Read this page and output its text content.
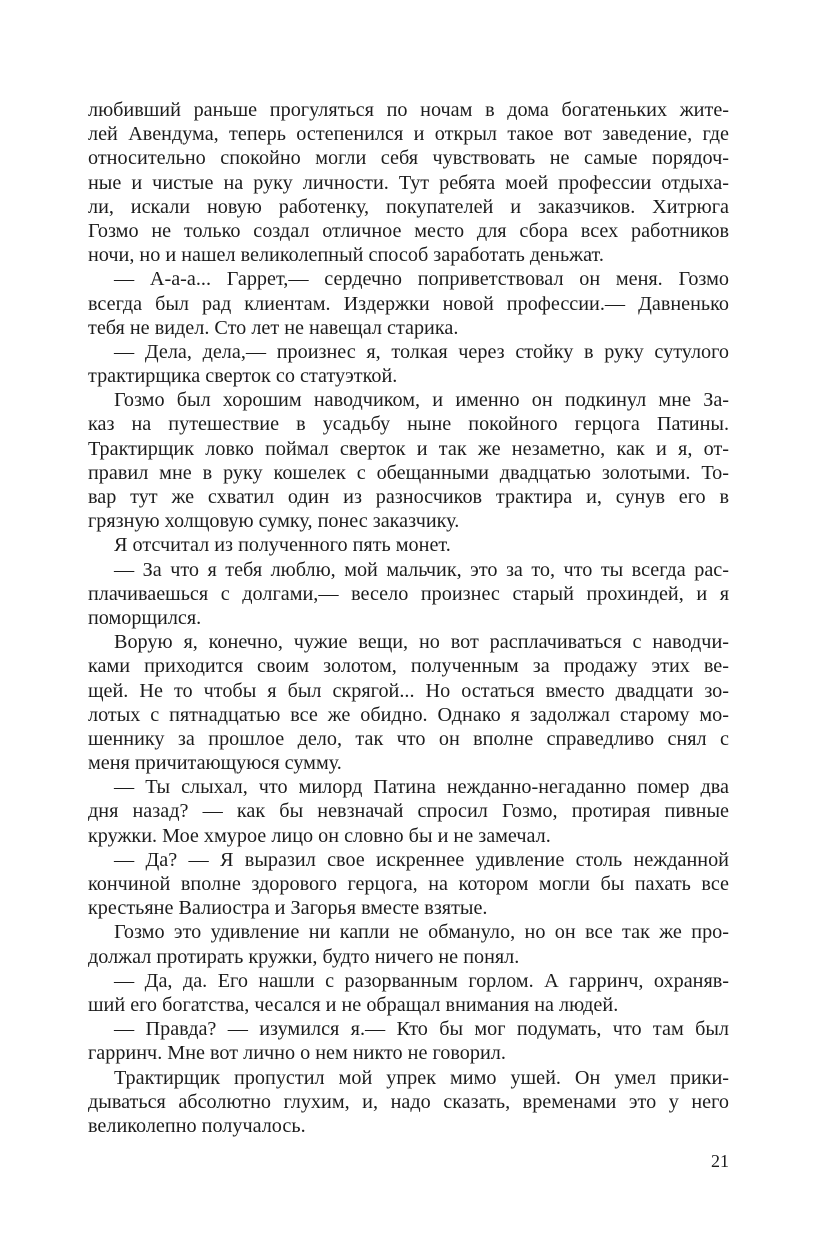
любивший раньше прогуляться по ночам в дома богатеньких жите-
лей Авендума, теперь остепенился и открыл такое вот заведение, где
относительно спокойно могли себя чувствовать не самые порядоч-
ные и чистые на руку личности. Тут ребята моей профессии отдыха-
ли, искали новую работенку, покупателей и заказчиков. Хитрюга
Гозмо не только создал отличное место для сбора всех работников
ночи, но и нашел великолепный способ заработать деньжат.
— А-а-а... Гаррет,— сердечно поприветствовал он меня. Гозмо
всегда был рад клиентам. Издержки новой профессии.— Давненько
тебя не видел. Сто лет не навещал старика.
— Дела, дела,— произнес я, толкая через стойку в руку сутулого
трактирщика сверток со статуэткой.
Гозмо был хорошим наводчиком, и именно он подкинул мне За-
каз на путешествие в усадьбу ныне покойного герцога Патины.
Трактирщик ловко поймал сверток и так же незаметно, как и я, от-
правил мне в руку кошелек с обещанными двадцатью золотыми. То-
вар тут же схватил один из разносчиков трактира и, сунув его в
грязную холщовую сумку, понес заказчику.
Я отсчитал из полученного пять монет.
— За что я тебя люблю, мой мальчик, это за то, что ты всегда рас-
плачиваешься с долгами,— весело произнес старый прохиндей, и я
поморщился.
Ворую я, конечно, чужие вещи, но вот расплачиваться с наводчи-
ками приходится своим золотом, полученным за продажу этих ве-
щей. Не то чтобы я был скрягой... Но остаться вместо двадцати зо-
лотых с пятнадцатью все же обидно. Однако я задолжал старому мо-
шеннику за прошлое дело, так что он вполне справедливо снял с
меня причитающуюся сумму.
— Ты слыхал, что милорд Патина нежданно-негаданно помер два
дня назад? — как бы невзначай спросил Гозмо, протирая пивные
кружки. Мое хмурое лицо он словно бы и не замечал.
— Да? — Я выразил свое искреннее удивление столь нежданной
кончиной вполне здорового герцога, на котором могли бы пахать все
крестьяне Валиостра и Загорья вместе взятые.
Гозмо это удивление ни капли не обмануло, но он все так же про-
должал протирать кружки, будто ничего не понял.
— Да, да. Его нашли с разорванным горлом. А гарринч, охраняв-
ший его богатства, чесался и не обращал внимания на людей.
— Правда? — изумился я.— Кто бы мог подумать, что там был
гарринч. Мне вот лично о нем никто не говорил.
Трактирщик пропустил мой упрек мимо ушей. Он умел прики-
дываться абсолютно глухим, и, надо сказать, временами это у него
великолепно получалось.
21
